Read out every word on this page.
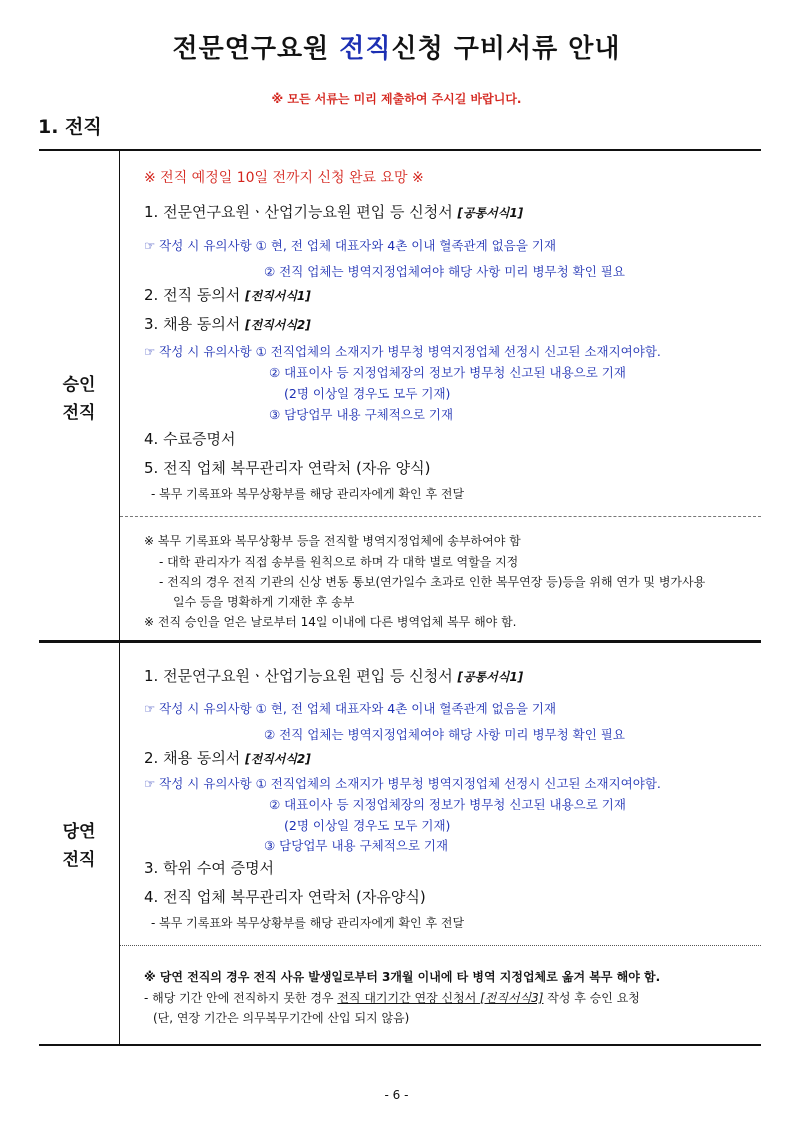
전문연구요원 전직신청 구비서류 안내
※ 모든 서류는 미리 제출하여 주시길 바랍니다.
1. 전직
승인
전직
※ 전직 예정일 10일 전까지 신청 완료 요망 ※
1. 전문연구요원ㆍ산업기능요원 편입 등 신청서 [공통서식1]
☞ 작성 시 유의사항 ① 현, 전 업체 대표자와 4촌 이내 혈족관계 없음을 기재
② 전직 업체는 병역지정업체여야 해당 사항 미리 병무청 확인 필요
2. 전직 동의서 [전직서식1]
3. 채용 동의서 [전직서식2]
☞ 작성 시 유의사항 ① 전직업체의 소재지가 병무청 병역지정업체 선정시 신고된 소재지여야함.
② 대표이사 등 지정업체장의 정보가 병무청 신고된 내용으로 기재
(2명 이상일 경우도 모두 기재)
③ 담당업무 내용 구체적으로 기재
4. 수료증명서
5. 전직 업체 복무관리자 연락처 (자유 양식)
- 복무 기록표와 복무상황부를 해당 관리자에게 확인 후 전달
※ 복무 기록표와 복무상황부 등을 전직할 병역지정업체에 송부하여야 함
- 대학 관리자가 직접 송부를 원칙으로 하며 각 대학 별로 역할을 지정
- 전직의 경우 전직 기관의 신상 변동 통보(연가일수 초과로 인한 복무연장 등)등을 위해 연가 및 병가사용
일수 등을 명확하게 기재한 후 송부
※ 전직 승인을 얻은 날로부터 14일 이내에 다른 병역업체 복무 해야 함.
당연
전직
1. 전문연구요원ㆍ산업기능요원 편입 등 신청서 [공통서식1]
☞ 작성 시 유의사항 ① 현, 전 업체 대표자와 4촌 이내 혈족관계 없음을 기재
② 전직 업체는 병역지정업체여야 해당 사항 미리 병무청 확인 필요
2. 채용 동의서 [전직서식2]
☞ 작성 시 유의사항 ① 전직업체의 소재지가 병무청 병역지정업체 선정시 신고된 소재지여야함.
② 대표이사 등 지정업체장의 정보가 병무청 신고된 내용으로 기재
(2명 이상일 경우도 모두 기재)
③ 담당업무 내용 구체적으로 기재
3. 학위 수여 증명서
4. 전직 업체 복무관리자 연락처 (자유양식)
- 복무 기록표와 복무상황부를 해당 관리자에게 확인 후 전달
※ 당연 전직의 경우 전직 사유 발생일로부터 3개월 이내에 타 병역 지정업체로 옮겨 복무 해야 함.
- 해당 기간 안에 전직하지 못한 경우 전직 대기기간 연장 신청서 [전직서식3] 작성 후 승인 요청
(단, 연장 기간은 의무복무기간에 산입 되지 않음)
- 6 -
